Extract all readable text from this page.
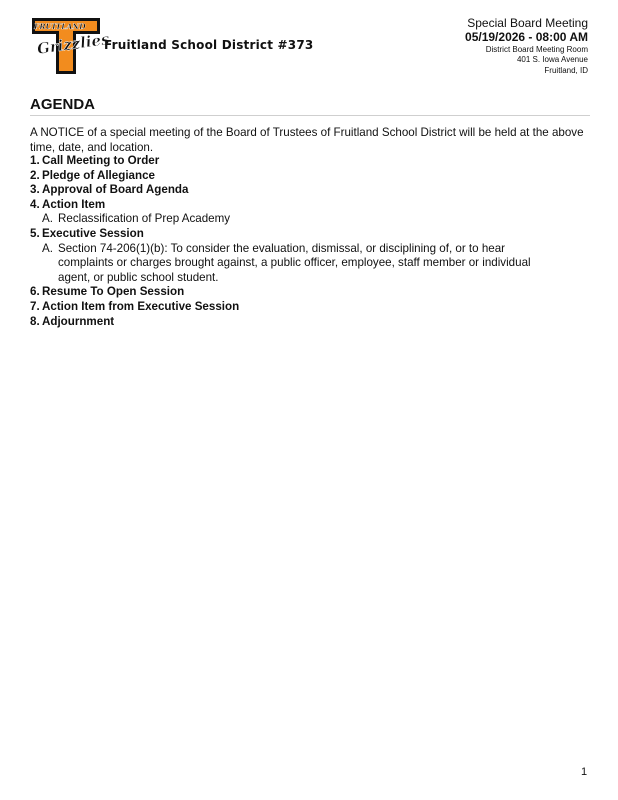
FRUITLAND
Grizzlies
Fruitland School District #373
Special Board Meeting
05/19/2026 - 08:00 AM
District Board Meeting Room
401 S. Iowa Avenue
Fruitland, ID
AGENDA
A NOTICE of a special meeting of the Board of Trustees of Fruitland School District will be held at the above time, date, and location.
1. Call Meeting to Order
2. Pledge of Allegiance
3. Approval of Board Agenda
4. Action Item
A. Reclassification of Prep Academy
5. Executive Session
A. Section 74-206(1)(b): To consider the evaluation, dismissal, or disciplining of, or to hear complaints or charges brought against, a public officer, employee, staff member or individual agent, or public school student.
6. Resume To Open Session
7. Action Item from Executive Session
8. Adjournment
1
